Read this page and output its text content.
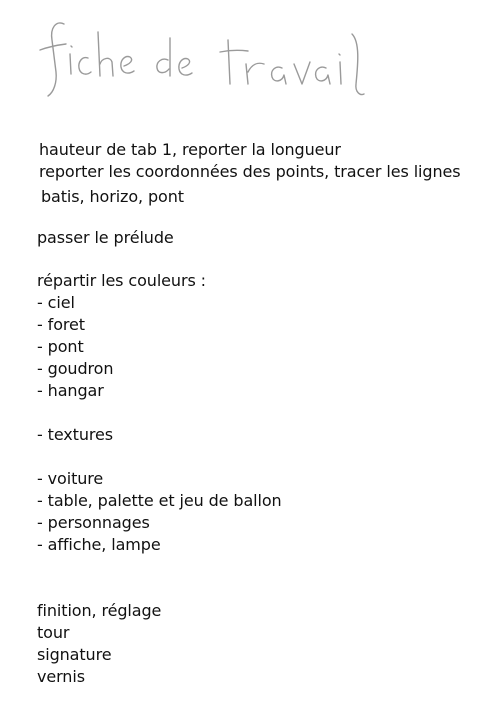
hauteur de tab 1, reporter la longueur
reporter les coordonnées des points, tracer les lignes
batis, horizo, pont
passer le prélude
répartir les couleurs :
- ciel
- foret
- pont
- goudron
- hangar
- textures
- voiture
- table, palette et jeu de ballon
- personnages
- affiche, lampe
finition, réglage
tour
signature
vernis
